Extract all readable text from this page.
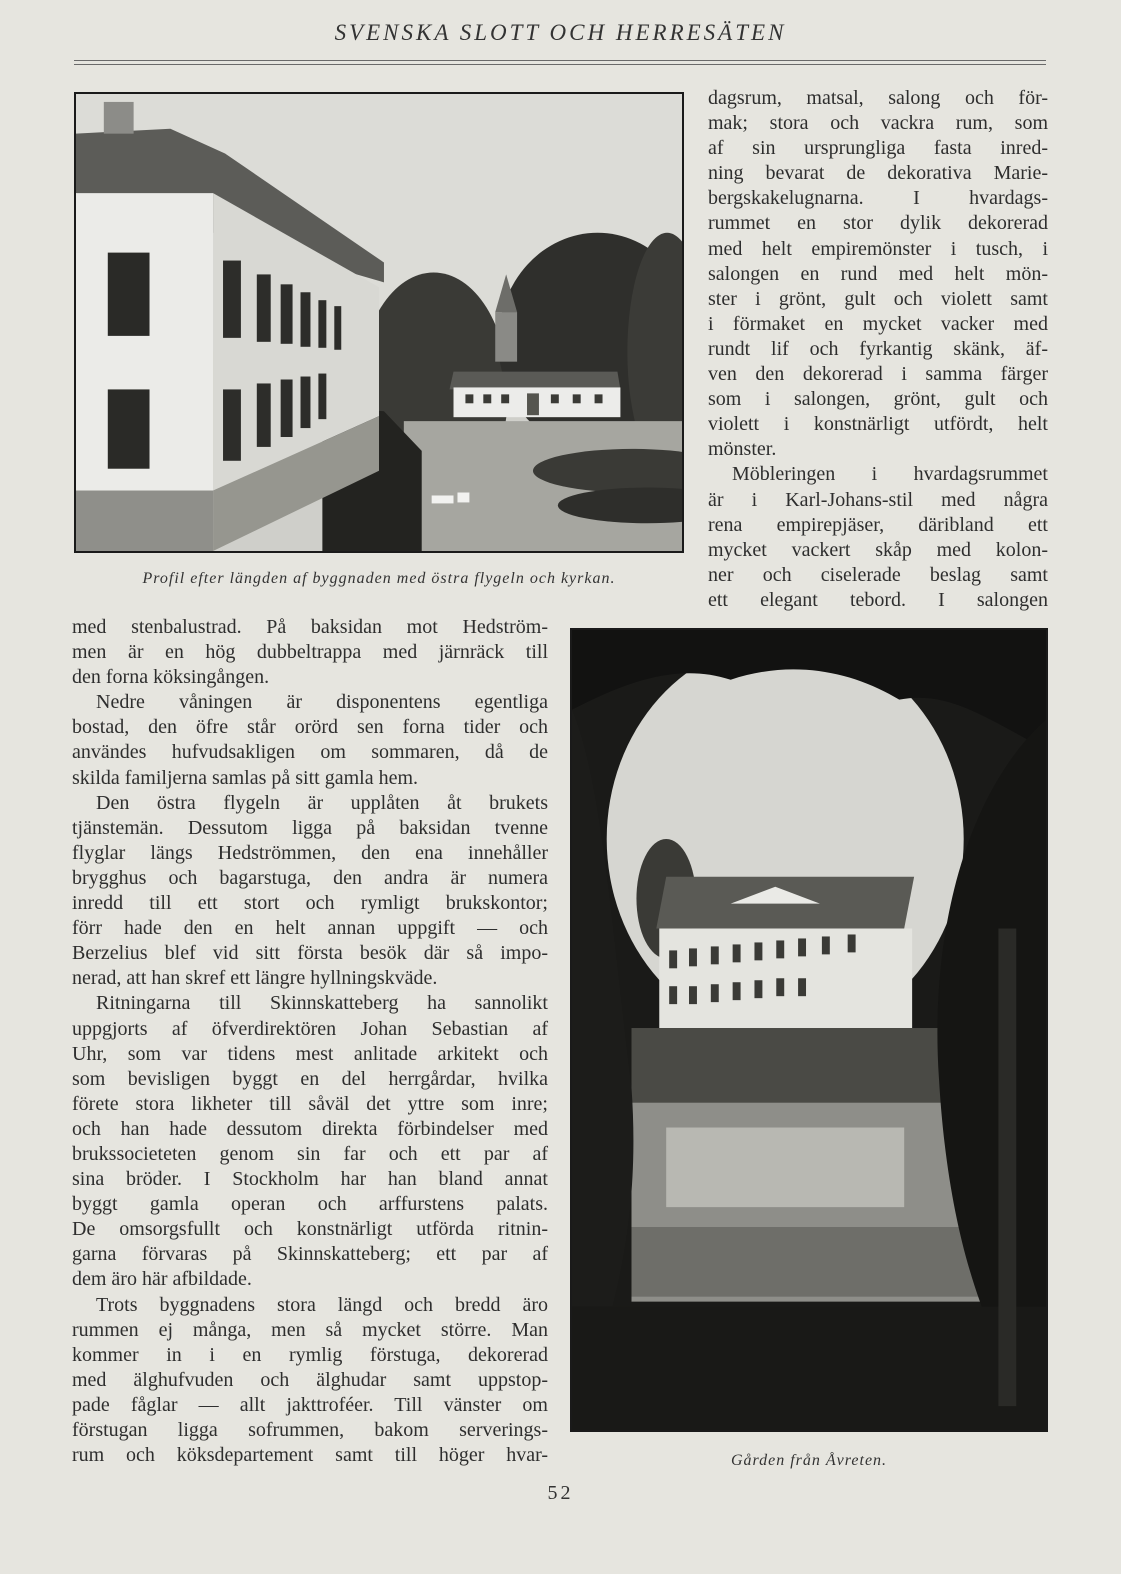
SVENSKA SLOTT OCH HERRESÄTEN
Profil efter längden af byggnaden med östra flygeln och kyrkan.
dagsrum, matsal, salong och för-
mak; stora och vackra rum, som
af sin ursprungliga fasta inred-
ning bevarat de dekorativa Marie-
bergskakelugnarna. I hvardags-
rummet en stor dylik dekorerad
med helt empiremönster i tusch, i
salongen en rund med helt mön-
ster i grönt, gult och violett samt
i förmaket en mycket vacker med
rundt lif och fyrkantig skänk, äf-
ven den dekorerad i samma färger
som i salongen, grönt, gult och
violett i konstnärligt utfördt, helt
mönster.
Möbleringen i hvardagsrummet
är i Karl-Johans-stil med några
rena empirepjäser, däribland ett
mycket vackert skåp med kolon-
ner och ciselerade beslag samt
ett elegant tebord. I salongen
med stenbalustrad. På baksidan mot Hedström-
men är en hög dubbeltrappa med järnräck till
den forna köksingången.
Nedre våningen är disponentens egentliga
bostad, den öfre står orörd sen forna tider och
användes hufvudsakligen om sommaren, då de
skilda familjerna samlas på sitt gamla hem.
Den östra flygeln är upplåten åt brukets
tjänstemän. Dessutom ligga på baksidan tvenne
flyglar längs Hedströmmen, den ena innehåller
brygghus och bagarstuga, den andra är numera
inredd till ett stort och rymligt brukskontor;
förr hade den en helt annan uppgift — och
Berzelius blef vid sitt första besök där så impo-
nerad, att han skref ett längre hyllningskväde.
Ritningarna till Skinnskatteberg ha sannolikt
uppgjorts af öfverdirektören Johan Sebastian af
Uhr, som var tidens mest anlitade arkitekt och
som bevisligen byggt en del herrgårdar, hvilka
förete stora likheter till såväl det yttre som inre;
och han hade dessutom direkta förbindelser med
brukssocieteten genom sin far och ett par af
sina bröder. I Stockholm har han bland annat
byggt gamla operan och arffurstens palats.
De omsorgsfullt och konstnärligt utförda ritnin-
garna förvaras på Skinnskatteberg; ett par af
dem äro här afbildade.
Trots byggnadens stora längd och bredd äro
rummen ej många, men så mycket större. Man
kommer in i en rymlig förstuga, dekorerad
med älghufvuden och älghudar samt uppstop-
pade fåglar — allt jakttroféer. Till vänster om
förstugan ligga sofrummen, bakom serverings-
rum och köksdepartement samt till höger hvar-	Gården från Åvreten.
52
